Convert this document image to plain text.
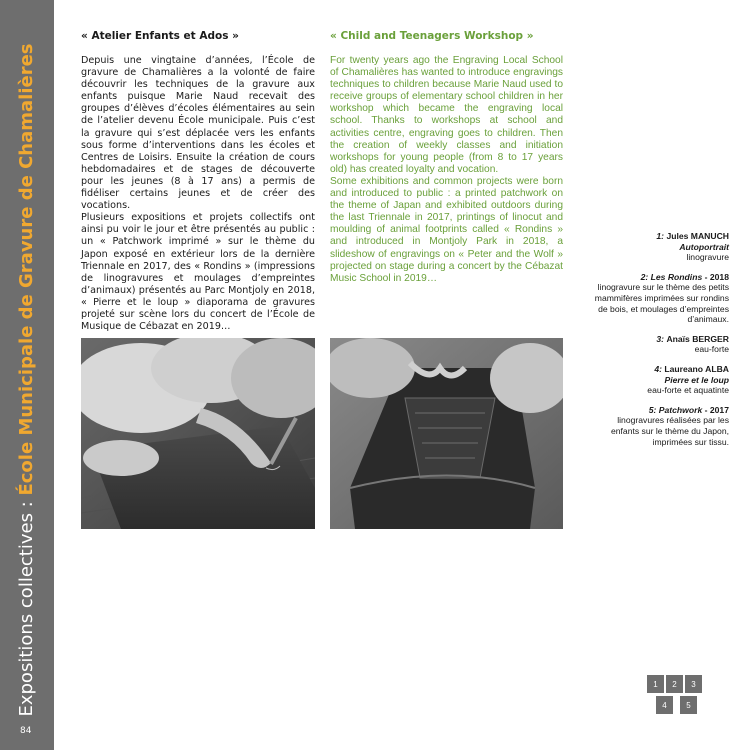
Expositions collectives : École Municipale de Gravure de Chamalières
84
« Atelier Enfants et Ados »

Depuis une vingtaine d’années, l’École de gravure de Chamalières a la volonté de faire découvrir les techniques de la gravure aux enfants puisque Marie Naud recevait des groupes d’élèves d’écoles élémentaires au sein de l’atelier devenu École municipale. Puis c’est la gravure qui s’est déplacée vers les enfants sous forme d’interventions dans les écoles et Centres de Loisirs. Ensuite la création de cours hebdomadaires et de stages de découverte pour les jeunes (8 à 17 ans) a permis de fidéliser certains jeunes et de créer des vocations.

Plusieurs expositions et projets collectifs ont ainsi pu voir le jour et être présentés au public : un « Patchwork imprimé » sur le thème du Japon exposé en extérieur lors de la dernière Triennale en 2017, des « Rondins » (impressions de linogravures et moulages d’empreintes d’animaux) présentés au Parc Montjoly en 2018, « Pierre et le loup » diaporama de gravures projeté sur scène lors du concert de l’École de Musique de Cébazat en 2019…

« Child and Teenagers Workshop »

For twenty years ago the Engraving Local School of Chamalières has wanted to introduce engravings techniques to children because Marie Naud used to receive groups of elementary school children in her workshop which became the engraving local school. Thanks to workshops at school and activities centre, engraving goes to children. Then the creation of weekly classes and initiation workshops for young people (from 8 to 17 years old) has created loyalty and vocation.

Some exhibitions and common projects were born and introduced to public : a printed patchwork on the theme of Japan and exhibited outdoors during the last Triennale in 2017, printings of linocut and moulding of animal footprints called « Rondins » and introduced in Montjoly Park in 2018, a slideshow of engravings on « Peter and the Wolf » projected on stage during a concert by the Cébazat Music School in 2019…

1: Jules MANUCH
Autoportrait
linogravure
2: Les Rondins - 2018
linogravure sur le thème des petits mammifères imprimées sur rondins de bois, et moulages d’empreintes d’animaux.
3: Anaïs BERGER
eau-forte
4: Laureano ALBA
Pierre et le loup
eau-forte et aquatinte
5: Patchwork - 2017
linogravures réalisées par les enfants sur le thème du Japon, imprimées sur tissu.
1	2	3
4	5
